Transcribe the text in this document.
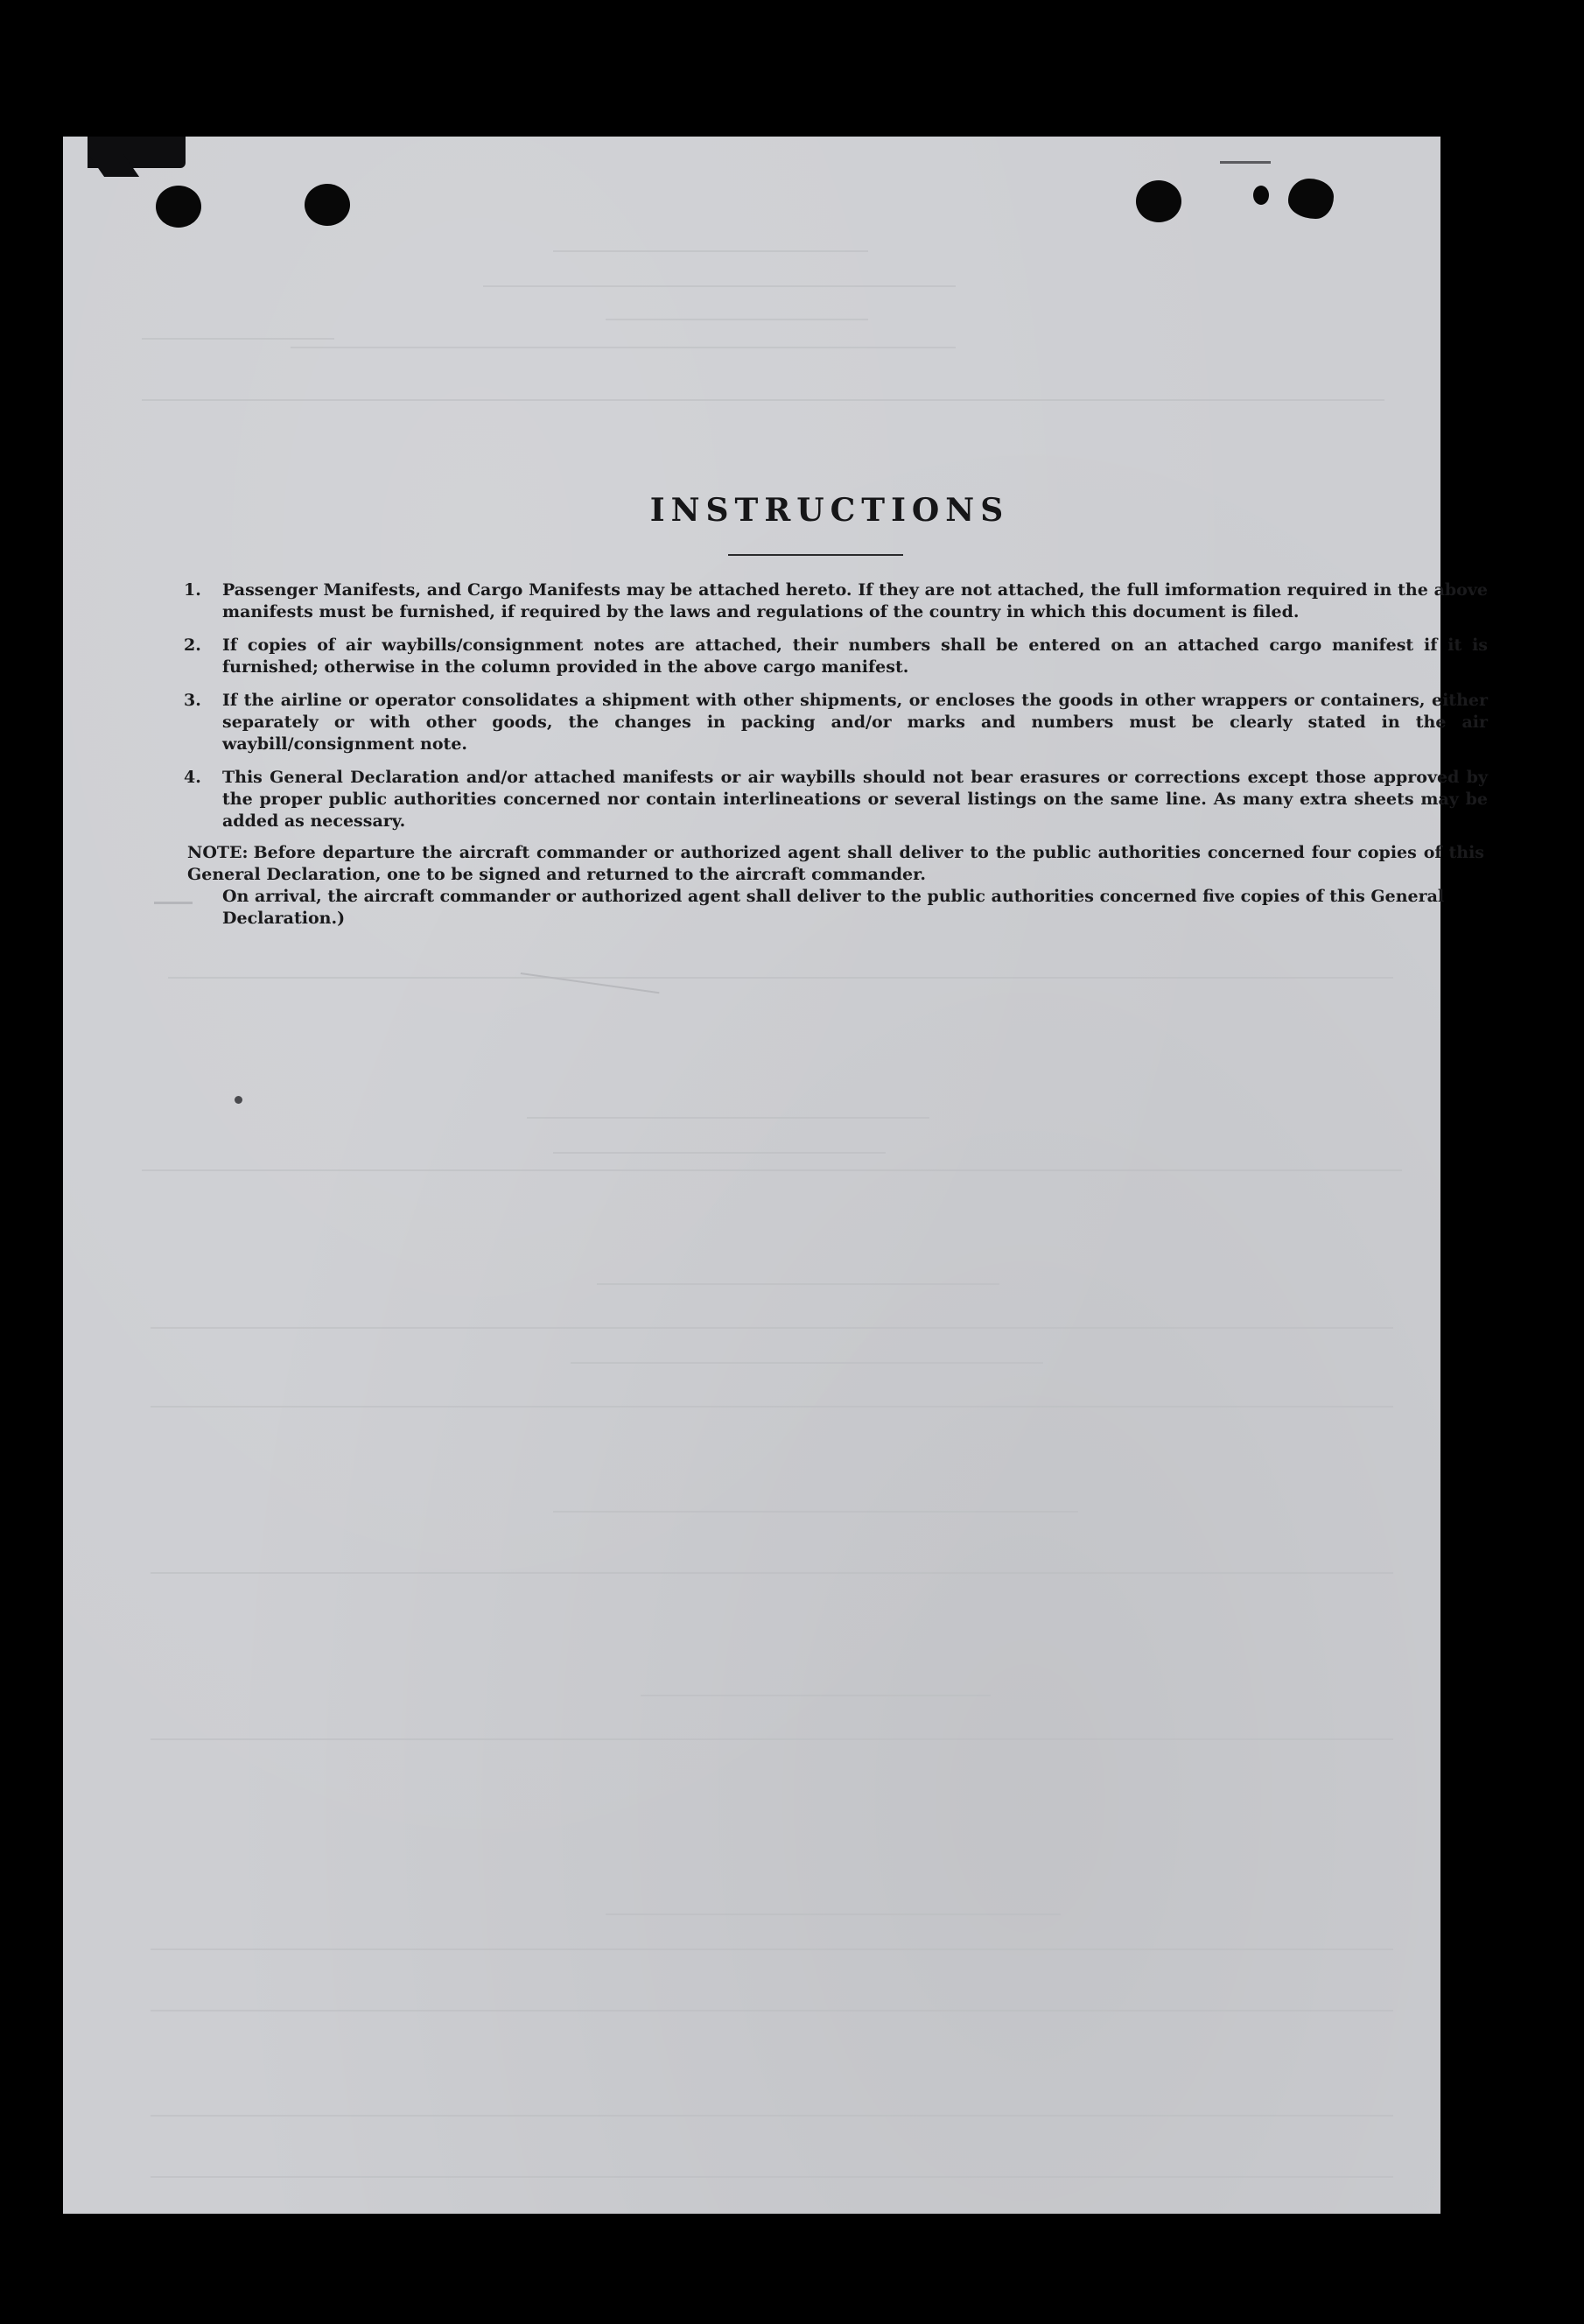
INSTRUCTIONS
1. Passenger Manifests, and Cargo Manifests may be attached hereto. If they are not attached, the full imformation required in the above manifests must be furnished, if required by the laws and regulations of the country in which this document is filed.
2. If copies of air waybills/consignment notes are attached, their numbers shall be entered on an attached cargo manifest if it is furnished; otherwise in the column provided in the above cargo manifest.
3. If the airline or operator consolidates a shipment with other shipments, or encloses the goods in other wrappers or containers, either separately or with other goods, the changes in packing and/or marks and numbers must be clearly stated in the air waybill/consignment note.
4. This General Declaration and/or attached manifests or air waybills should not bear erasures or corrections except those approved by the proper public authorities concerned nor contain interlineations or several listings on the same line. As many extra sheets may be added as necessary.

NOTE: Before departure the aircraft commander or authorized agent shall deliver to the public authorities concerned four copies of this General Declaration, one to be signed and returned to the aircraft commander.

On arrival, the aircraft commander or authorized agent shall deliver to the public authorities concerned five copies of this General

Declaration.)
